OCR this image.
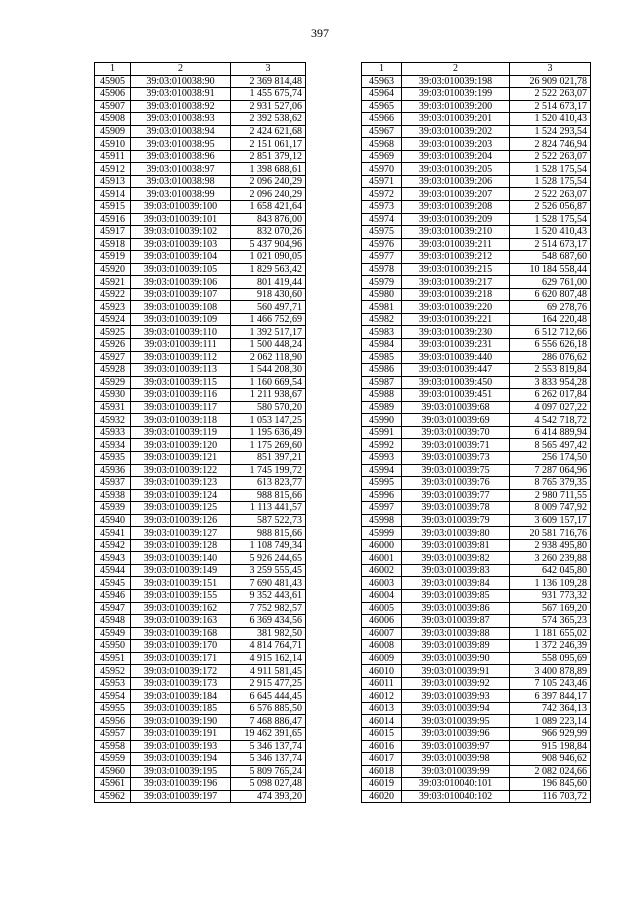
397
1	2	3
45905	39:03:010038:90	2 369 814,48
45906	39:03:010038:91	1 455 675,74
45907	39:03:010038:92	2 931 527,06
45908	39:03:010038:93	2 392 538,62
45909	39:03:010038:94	2 424 621,68
45910	39:03:010038:95	2 151 061,17
45911	39:03:010038:96	2 851 379,12
45912	39:03:010038:97	1 398 688,61
45913	39:03:010038:98	2 096 240,29
45914	39:03:010038:99	2 096 240,29
45915	39:03:010039:100	1 658 421,64
45916	39:03:010039:101	843 876,00
45917	39:03:010039:102	832 070,26
45918	39:03:010039:103	5 437 904,96
45919	39:03:010039:104	1 021 090,05
45920	39:03:010039:105	1 829 563,42
45921	39:03:010039:106	801 419,44
45922	39:03:010039:107	918 430,60
45923	39:03:010039:108	560 497,71
45924	39:03:010039:109	1 466 752,69
45925	39:03:010039:110	1 392 517,17
45926	39:03:010039:111	1 500 448,24
45927	39:03:010039:112	2 062 118,90
45928	39:03:010039:113	1 544 208,30
45929	39:03:010039:115	1 160 669,54
45930	39:03:010039:116	1 211 938,67
45931	39:03:010039:117	580 570,20
45932	39:03:010039:118	1 053 147,25
45933	39:03:010039:119	1 195 636,49
45934	39:03:010039:120	1 175 269,60
45935	39:03:010039:121	851 397,21
45936	39:03:010039:122	1 745 199,72
45937	39:03:010039:123	613 823,77
45938	39:03:010039:124	988 815,66
45939	39:03:010039:125	1 113 441,57
45940	39:03:010039:126	587 522,73
45941	39:03:010039:127	988 815,66
45942	39:03:010039:128	1 108 749,34
45943	39:03:010039:140	5 926 244,65
45944	39:03:010039:149	3 259 555,45
45945	39:03:010039:151	7 690 481,43
45946	39:03:010039:155	9 352 443,61
45947	39:03:010039:162	7 752 982,57
45948	39:03:010039:163	6 369 434,56
45949	39:03:010039:168	381 982,50
45950	39:03:010039:170	4 814 764,71
45951	39:03:010039:171	4 915 162,14
45952	39:03:010039:172	4 911 581,45
45953	39:03:010039:173	2 915 477,25
45954	39:03:010039:184	6 645 444,45
45955	39:03:010039:185	6 576 885,50
45956	39:03:010039:190	7 468 886,47
45957	39:03:010039:191	19 462 391,65
45958	39:03:010039:193	5 346 137,74
45959	39:03:010039:194	5 346 137,74
45960	39:03:010039:195	5 809 765,24
45961	39:03:010039:196	5 098 027,48
45962	39:03:010039:197	474 393,20
1	2	3
45963	39:03:010039:198	26 909 021,78
45964	39:03:010039:199	2 522 263,07
45965	39:03:010039:200	2 514 673,17
45966	39:03:010039:201	1 520 410,43
45967	39:03:010039:202	1 524 293,54
45968	39:03:010039:203	2 824 746,94
45969	39:03:010039:204	2 522 263,07
45970	39:03:010039:205	1 528 175,54
45971	39:03:010039:206	1 528 175,54
45972	39:03:010039:207	2 522 263,07
45973	39:03:010039:208	2 526 056,87
45974	39:03:010039:209	1 528 175,54
45975	39:03:010039:210	1 520 410,43
45976	39:03:010039:211	2 514 673,17
45977	39:03:010039:212	548 687,60
45978	39:03:010039:215	10 184 558,44
45979	39:03:010039:217	629 761,00
45980	39:03:010039:218	6 620 807,48
45981	39:03:010039:220	69 278,76
45982	39:03:010039:221	164 220,48
45983	39:03:010039:230	6 512 712,66
45984	39:03:010039:231	6 556 626,18
45985	39:03:010039:440	286 076,62
45986	39:03:010039:447	2 553 819,84
45987	39:03:010039:450	3 833 954,28
45988	39:03:010039:451	6 262 017,84
45989	39:03:010039:68	4 097 027,22
45990	39:03:010039:69	4 542 718,72
45991	39:03:010039:70	6 414 889,94
45992	39:03:010039:71	8 565 497,42
45993	39:03:010039:73	256 174,50
45994	39:03:010039:75	7 287 064,96
45995	39:03:010039:76	8 765 379,35
45996	39:03:010039:77	2 980 711,55
45997	39:03:010039:78	8 009 747,92
45998	39:03:010039:79	3 609 157,17
45999	39:03:010039:80	20 581 716,76
46000	39:03:010039:81	2 938 495,80
46001	39:03:010039:82	3 260 239,88
46002	39:03:010039:83	642 045,80
46003	39:03:010039:84	1 136 109,28
46004	39:03:010039:85	931 773,32
46005	39:03:010039:86	567 169,20
46006	39:03:010039:87	574 365,23
46007	39:03:010039:88	1 181 655,02
46008	39:03:010039:89	1 372 246,39
46009	39:03:010039:90	558 095,69
46010	39:03:010039:91	3 400 878,89
46011	39:03:010039:92	7 105 243,46
46012	39:03:010039:93	6 397 844,17
46013	39:03:010039:94	742 364,13
46014	39:03:010039:95	1 089 223,14
46015	39:03:010039:96	966 929,99
46016	39:03:010039:97	915 198,84
46017	39:03:010039:98	908 946,62
46018	39:03:010039:99	2 082 024,66
46019	39:03:010040:101	196 845,60
46020	39:03:010040:102	116 703,72
